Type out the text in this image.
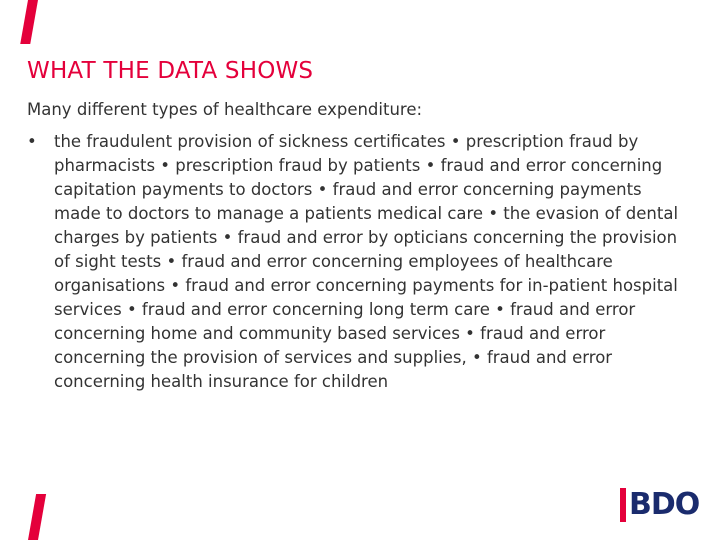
WHAT THE DATA SHOWS
Many different types of healthcare expenditure:
• the fraudulent provision of sickness certificates • prescription fraud by pharmacists • prescription fraud by patients • fraud and error concerning capitation payments to doctors • fraud and error concerning payments made to doctors to manage a patients medical care • the evasion of dental charges by patients • fraud and error by opticians concerning the provision of sight tests • fraud and error concerning employees of healthcare organisations • fraud and error concerning payments for in-patient hospital services • fraud and error concerning long term care • fraud and error concerning home and community based services • fraud and error concerning the provision of services and supplies, • fraud and error concerning health insurance for children
BDO
